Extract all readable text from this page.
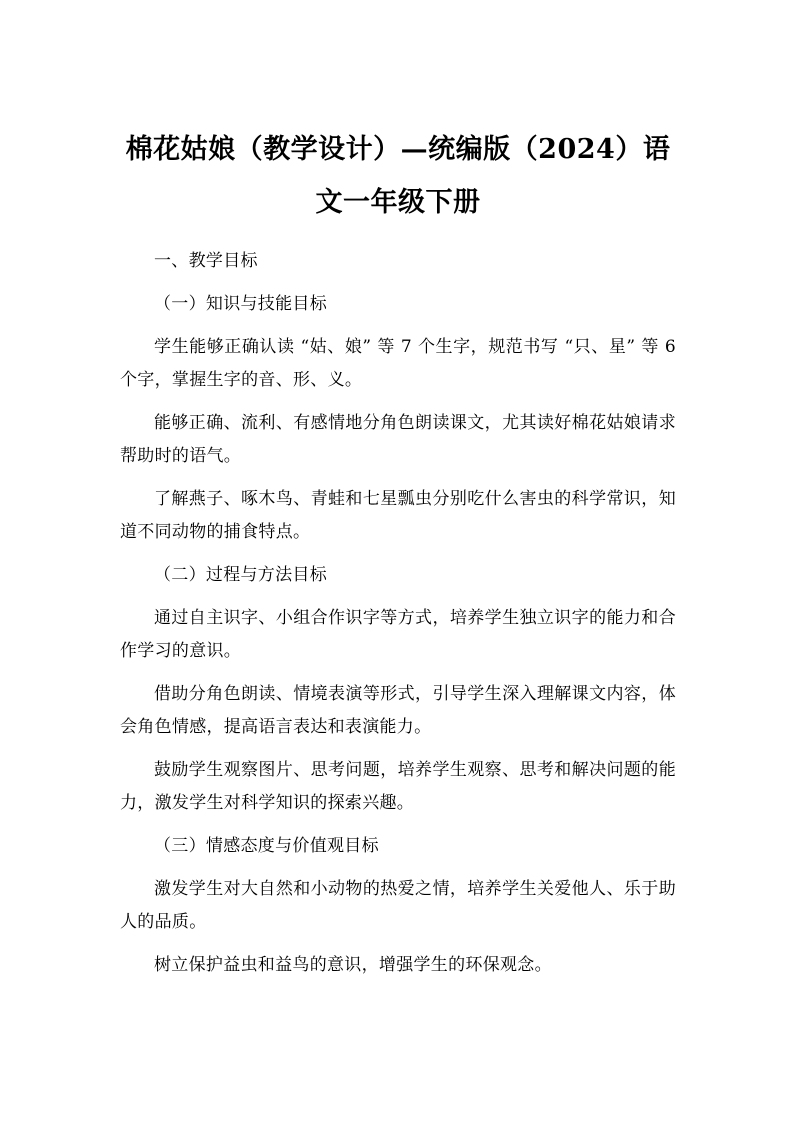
棉花姑娘（教学设计）—统编版（2024）语文一年级下册

一、教学目标

（一）知识与技能目标

学生能够正确认读 “姑、娘” 等 7 个生字，规范书写 “只、星” 等 6 个字，掌握生字的音、形、义。

能够正确、流利、有感情地分角色朗读课文，尤其读好棉花姑娘请求帮助时的语气。

了解燕子、啄木鸟、青蛙和七星瓢虫分别吃什么害虫的科学常识，知道不同动物的捕食特点。

（二）过程与方法目标

通过自主识字、小组合作识字等方式，培养学生独立识字的能力和合作学习的意识。

借助分角色朗读、情境表演等形式，引导学生深入理解课文内容，体会角色情感，提高语言表达和表演能力。

鼓励学生观察图片、思考问题，培养学生观察、思考和解决问题的能力，激发学生对科学知识的探索兴趣。

（三）情感态度与价值观目标

激发学生对大自然和小动物的热爱之情，培养学生关爱他人、乐于助人的品质。

树立保护益虫和益鸟的意识，增强学生的环保观念。
